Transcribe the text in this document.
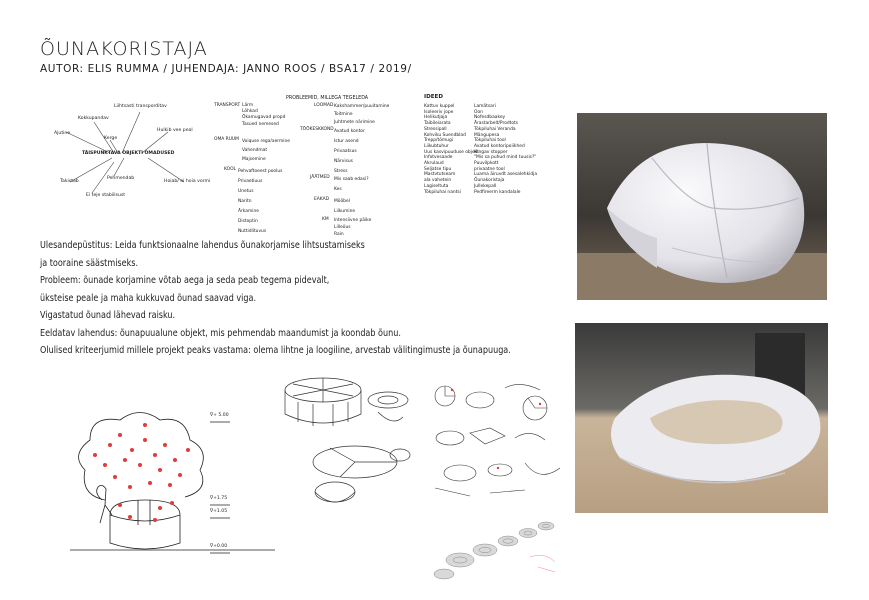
ÕUNAKORISTAJA
AUTOR: ELIS RUMMA / JUHENDAJA: JANNO ROOS / BSA17 / 2019/
TÄISPUNKTAVA OBJEKTI OMADUSED
Liihtsasti transporditav
Kokkupandav
Ajutine
Kerge
Hulkib vee peal
Pehmendab
Takistab	Hoiab/ ei hoia vormi
Ei teje stabiilsust
PROBLEEMID, MILLEGA TEGELEDA
TRANSPORT Lärm
Lõhkad
Ökamugavad propd
Tasued nemesed
OMA RUUM Voiquse rega/aermine
Vahendmat
Majsemine
KOOL Pehvaftoeest poolus
Privaetiuus
Unetus
Naritn
Ärkamine
Distoptin
Nuttidlituvus
LOOMAD Kakshammer/puuitamine
Toitmine
Juhtmete närimine
TÖÖKESKKOND Avatud kontor
Istur asend
Privaatsus
Närvisus
Stress
JÄÄTMED Mis saab edasi?
Kes
EAKAD Mööbel
Liikumine
KM Intensiivne päike
Lilleõus
Rain
IDEED
Kattuv kuppel
Isoleeriv jope
Helikutjaja
Taibileiarata
Stressipall
Kohviku Suendblad
Trepp/tõmugi
Liikubtuhur
Uus kasvipuuduse objekt
Infotvesaade
Akrulaud
Seljatse tipu
Mastvtutseam ala vahetein
Lagiseltuta
Tõkpiluhai nantsi
Lamätsari
Oon
Nofesdbaakey
Ärastarbelt/Prodtots
Tõkpiluhai Veranda
Mängupesa
Tõkpiluhai tool
Avatud kontoripoiikhed
Hingav stopper
"Mis sa puhud mind tuusis?"
Puuvilpkott
privaatne tool
Luama äiruvdt asesalehkidja
Õunakoristaja
Jullekepall
Pedfireerm kandalale
Ülesandepüstitus: Leida funktsionaalne lahendus õunakorjamise lihtsustamiseks
ja tooraine säästmiseks.
Probleem: õunade korjamine võtab aega ja seda peab tegema pidevalt,
üksteise peale ja maha kukkuvad õunad saavad viga.
Vigastatud õunad lähevad raisku.
Eeldatav lahendus: õunapuualune objekt, mis pehmendab maandumist ja koondab õunu.
Olulised kriteerjumid millele projekt peaks vastama: olema lihtne ja loogiline, arvestab välitingimuste ja õunapuuga.
∇+ 5.00
∇+1.75
∇+1.05
∇+0.00
